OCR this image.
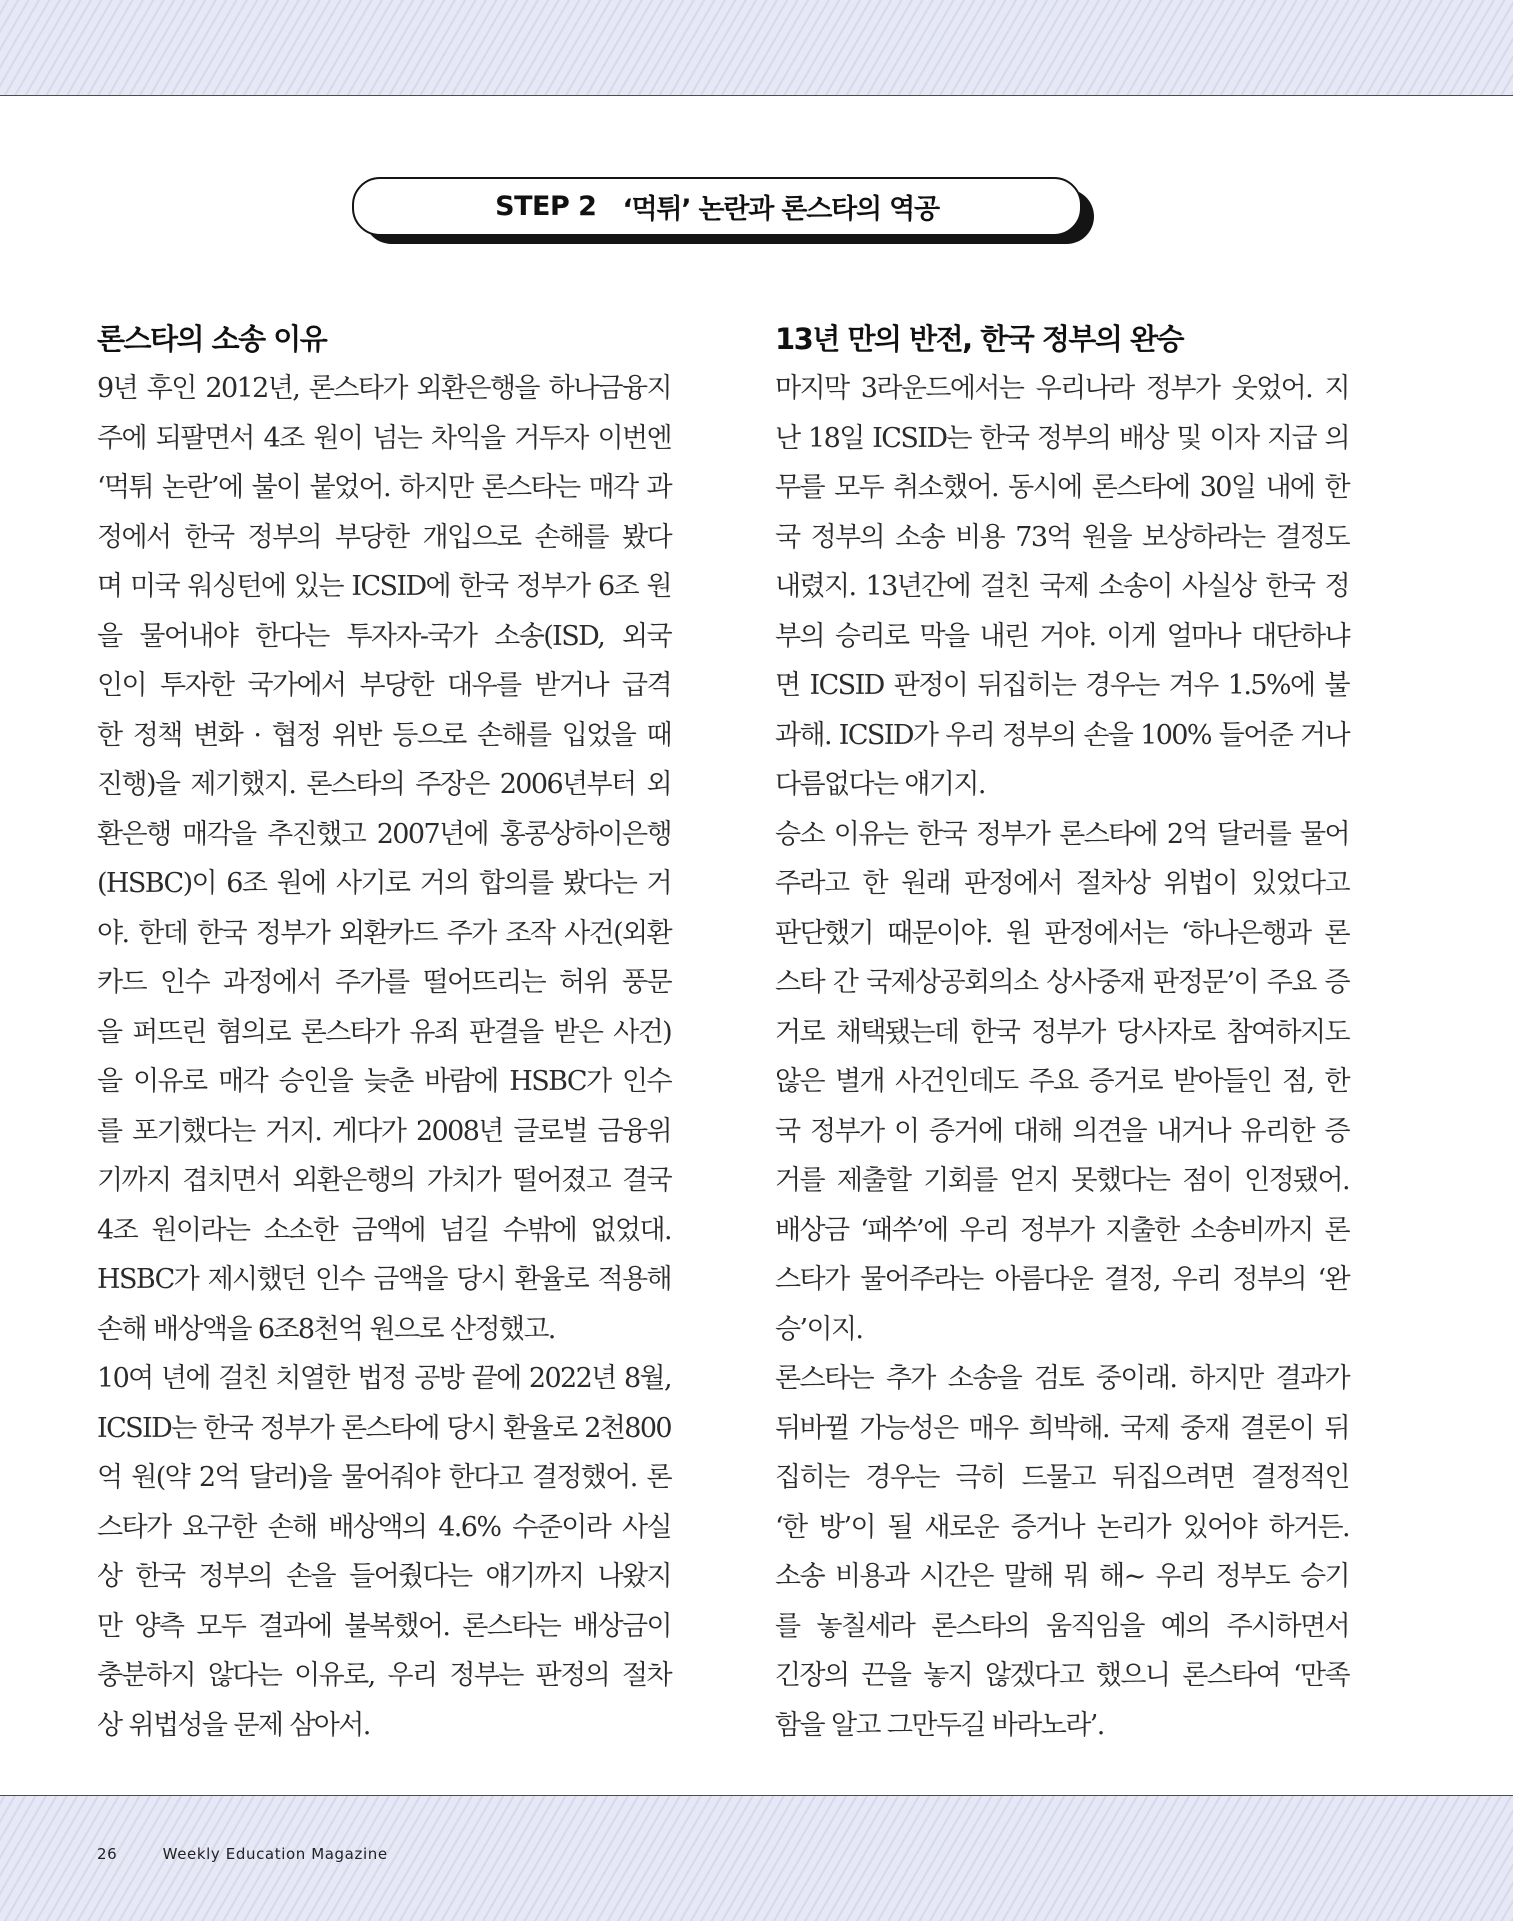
STEP 2 ‘먹튀’ 논란과 론스타의 역공
론스타의 소송 이유
9년 후인 2012년, 론스타가 외환은행을 하나금융지
주에 되팔면서 4조 원이 넘는 차익을 거두자 이번엔
‘먹튀 논란’에 불이 붙었어. 하지만 론스타는 매각 과
정에서 한국 정부의 부당한 개입으로 손해를 봤다
며 미국 워싱턴에 있는 ICSID에 한국 정부가 6조 원
을 물어내야 한다는 투자자-국가 소송(ISD, 외국
인이 투자한 국가에서 부당한 대우를 받거나 급격
한 정책 변화 · 협정 위반 등으로 손해를 입었을 때
진행)을 제기했지. 론스타의 주장은 2006년부터 외
환은행 매각을 추진했고 2007년에 홍콩상하이은행
(HSBC)이 6조 원에 사기로 거의 합의를 봤다는 거
야. 한데 한국 정부가 외환카드 주가 조작 사건(외환
카드 인수 과정에서 주가를 떨어뜨리는 허위 풍문
을 퍼뜨린 혐의로 론스타가 유죄 판결을 받은 사건)
을 이유로 매각 승인을 늦춘 바람에 HSBC가 인수
를 포기했다는 거지. 게다가 2008년 글로벌 금융위
기까지 겹치면서 외환은행의 가치가 떨어졌고 결국
4조 원이라는 소소한 금액에 넘길 수밖에 없었대.
HSBC가 제시했던 인수 금액을 당시 환율로 적용해
손해 배상액을 6조8천억 원으로 산정했고.
10여 년에 걸친 치열한 법정 공방 끝에 2022년 8월,
ICSID는 한국 정부가 론스타에 당시 환율로 2천800
억 원(약 2억 달러)을 물어줘야 한다고 결정했어. 론
스타가 요구한 손해 배상액의 4.6% 수준이라 사실
상 한국 정부의 손을 들어줬다는 얘기까지 나왔지
만 양측 모두 결과에 불복했어. 론스타는 배상금이
충분하지 않다는 이유로, 우리 정부는 판정의 절차
상 위법성을 문제 삼아서.
13년 만의 반전, 한국 정부의 완승
마지막 3라운드에서는 우리나라 정부가 웃었어. 지
난 18일 ICSID는 한국 정부의 배상 및 이자 지급 의
무를 모두 취소했어. 동시에 론스타에 30일 내에 한
국 정부의 소송 비용 73억 원을 보상하라는 결정도
내렸지. 13년간에 걸친 국제 소송이 사실상 한국 정
부의 승리로 막을 내린 거야. 이게 얼마나 대단하냐
면 ICSID 판정이 뒤집히는 경우는 겨우 1.5%에 불
과해. ICSID가 우리 정부의 손을 100% 들어준 거나
다름없다는 얘기지.
승소 이유는 한국 정부가 론스타에 2억 달러를 물어
주라고 한 원래 판정에서 절차상 위법이 있었다고
판단했기 때문이야. 원 판정에서는 ‘하나은행과 론
스타 간 국제상공회의소 상사중재 판정문’이 주요 증
거로 채택됐는데 한국 정부가 당사자로 참여하지도
않은 별개 사건인데도 주요 증거로 받아들인 점, 한
국 정부가 이 증거에 대해 의견을 내거나 유리한 증
거를 제출할 기회를 얻지 못했다는 점이 인정됐어.
배상금 ‘패쑤’에 우리 정부가 지출한 소송비까지 론
스타가 물어주라는 아름다운 결정, 우리 정부의 ‘완
승’이지.
론스타는 추가 소송을 검토 중이래. 하지만 결과가
뒤바뀔 가능성은 매우 희박해. 국제 중재 결론이 뒤
집히는 경우는 극히 드물고 뒤집으려면 결정적인
‘한 방’이 될 새로운 증거나 논리가 있어야 하거든.
소송 비용과 시간은 말해 뭐 해~ 우리 정부도 승기
를 놓칠세라 론스타의 움직임을 예의 주시하면서
긴장의 끈을 놓지 않겠다고 했으니 론스타여 ‘만족
함을 알고 그만두길 바라노라’.
26	Weekly Education Magazine
